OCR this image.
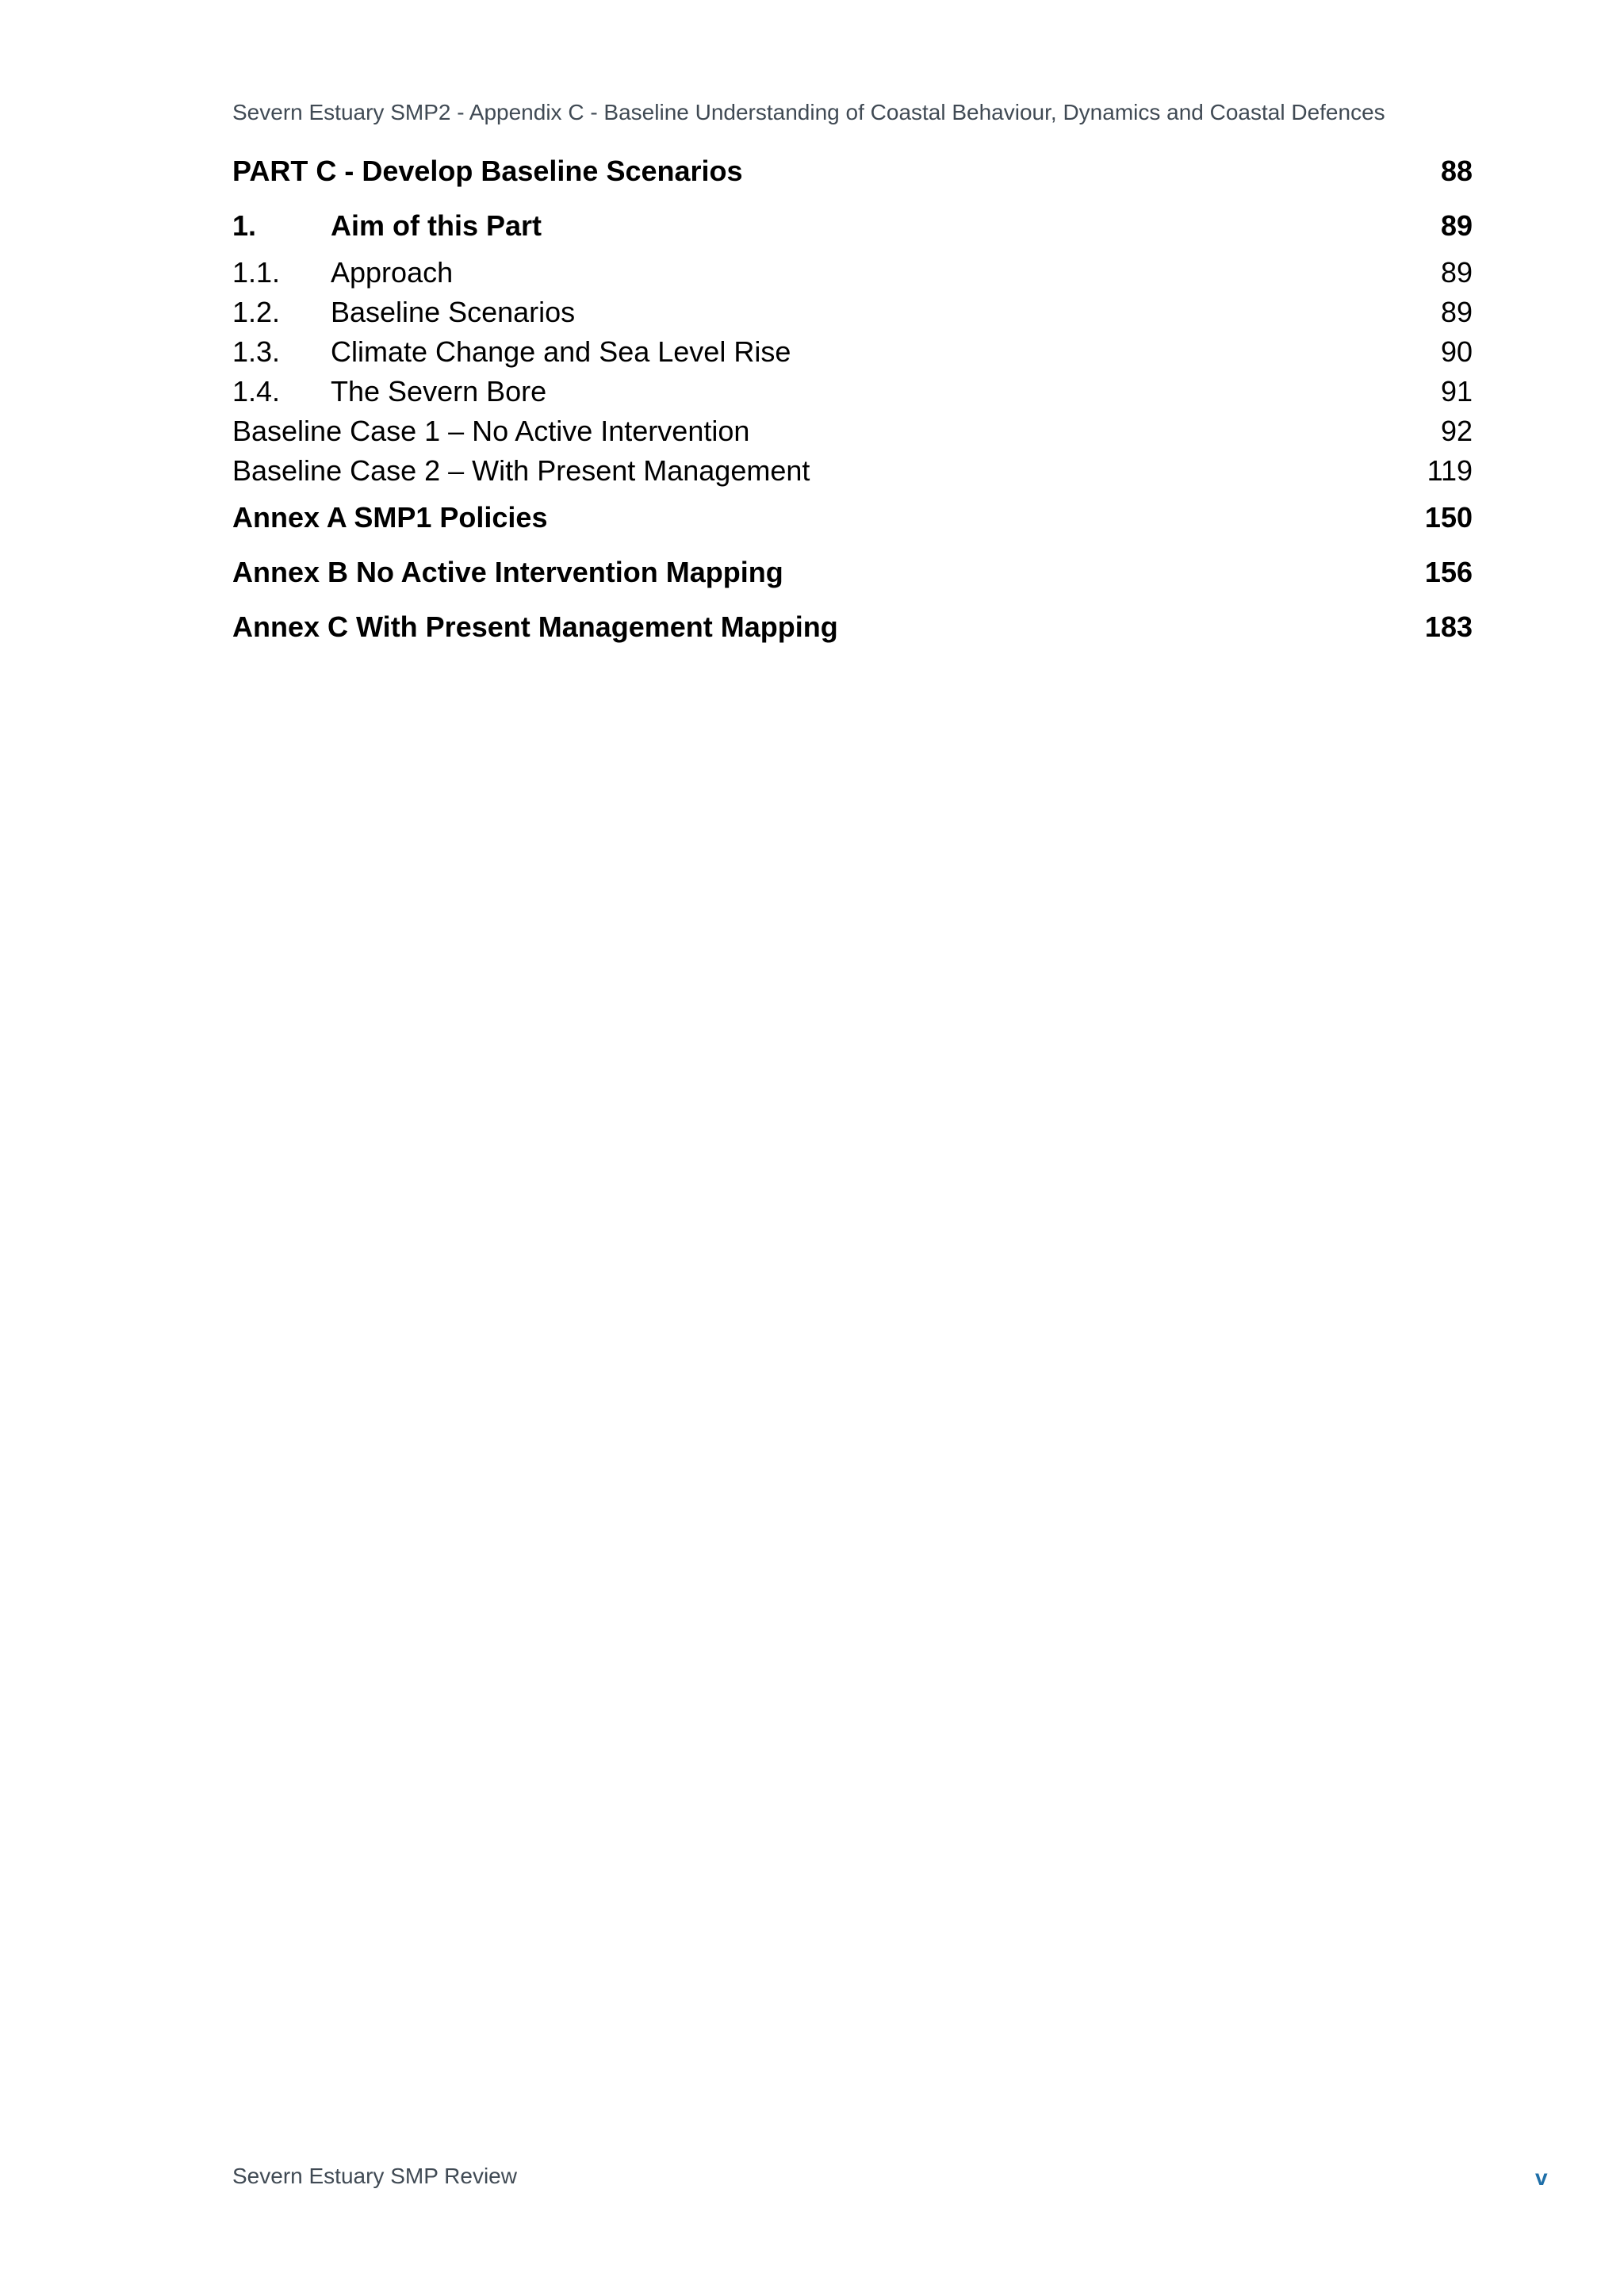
Severn Estuary SMP2 - Appendix C - Baseline Understanding of Coastal Behaviour, Dynamics and Coastal Defences
PART C - Develop Baseline Scenarios	88
1.	Aim of this Part	89
1.1.	Approach	89
1.2.	Baseline Scenarios	89
1.3.	Climate Change and Sea Level Rise	90
1.4.	The Severn Bore	91
Baseline Case 1 – No Active Intervention	92
Baseline Case 2 – With Present Management	119
Annex A SMP1 Policies	150
Annex B No Active Intervention Mapping	156
Annex C With Present Management Mapping	183
Severn Estuary SMP Review	v
